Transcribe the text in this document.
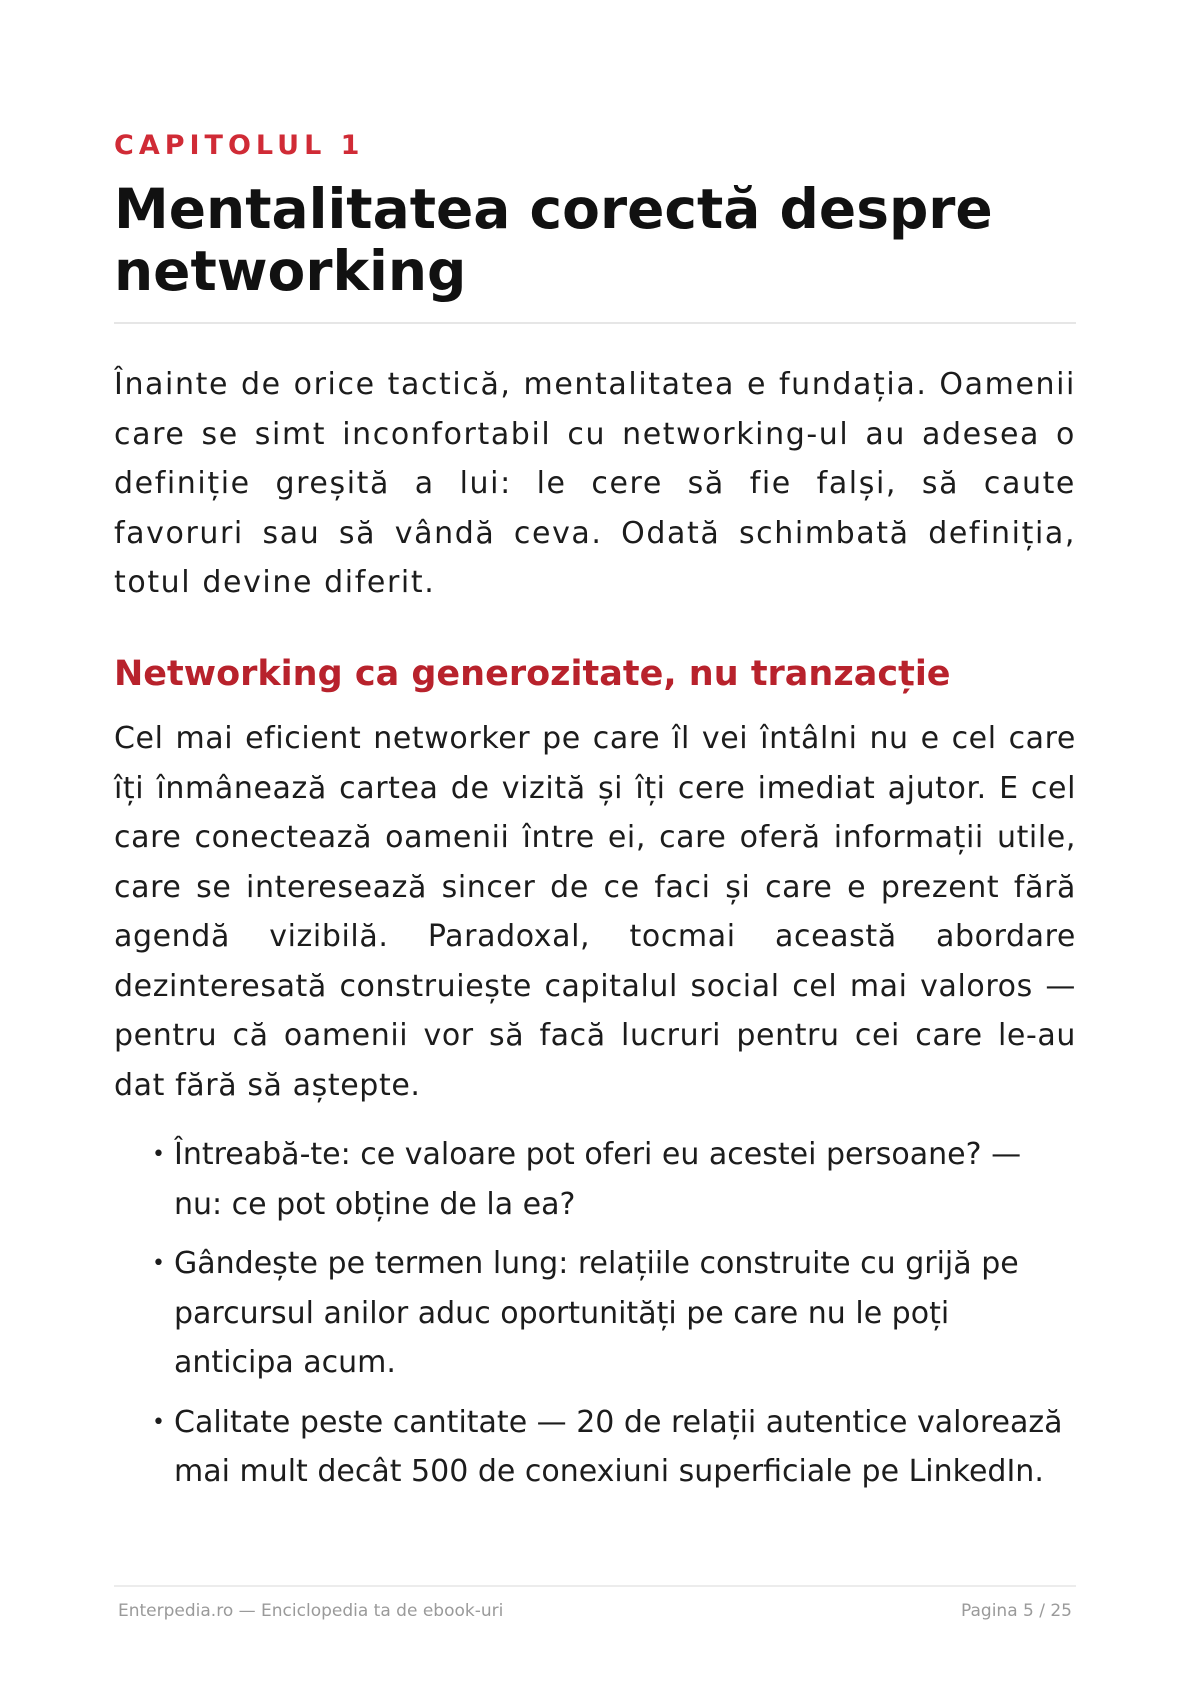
CAPITOLUL 1

Mentalitatea corectă despre networking

Înainte de orice tactică, mentalitatea e fundația. Oamenii care se simt inconfortabil cu networking-ul au adesea o definiție greșită a lui: le cere să fie falși, să caute favoruri sau să vândă ceva. Odată schimbată definiția, totul devine diferit.

Networking ca generozitate, nu tranzacție

Cel mai eficient networker pe care îl vei întâlni nu e cel care îți înmânează cartea de vizită și îți cere imediat ajutor. E cel care conectează oamenii între ei, care oferă informații utile, care se interesează sincer de ce faci și care e prezent fără agendă vizibilă. Paradoxal, tocmai această abordare dezinteresată construiește capitalul social cel mai valoros — pentru că oamenii vor să facă lucruri pentru cei care le-au dat fără să aștepte.

• Întreabă-te: ce valoare pot oferi eu acestei persoane? — nu: ce pot obține de la ea?
• Gândește pe termen lung: relațiile construite cu grijă pe parcursul anilor aduc oportunități pe care nu le poți anticipa acum.
• Calitate peste cantitate — 20 de relații autentice valorează mai mult decât 500 de conexiuni superficiale pe LinkedIn.

Enterpedia.ro — Enciclopedia ta de ebook-uri	Pagina 5 / 25
